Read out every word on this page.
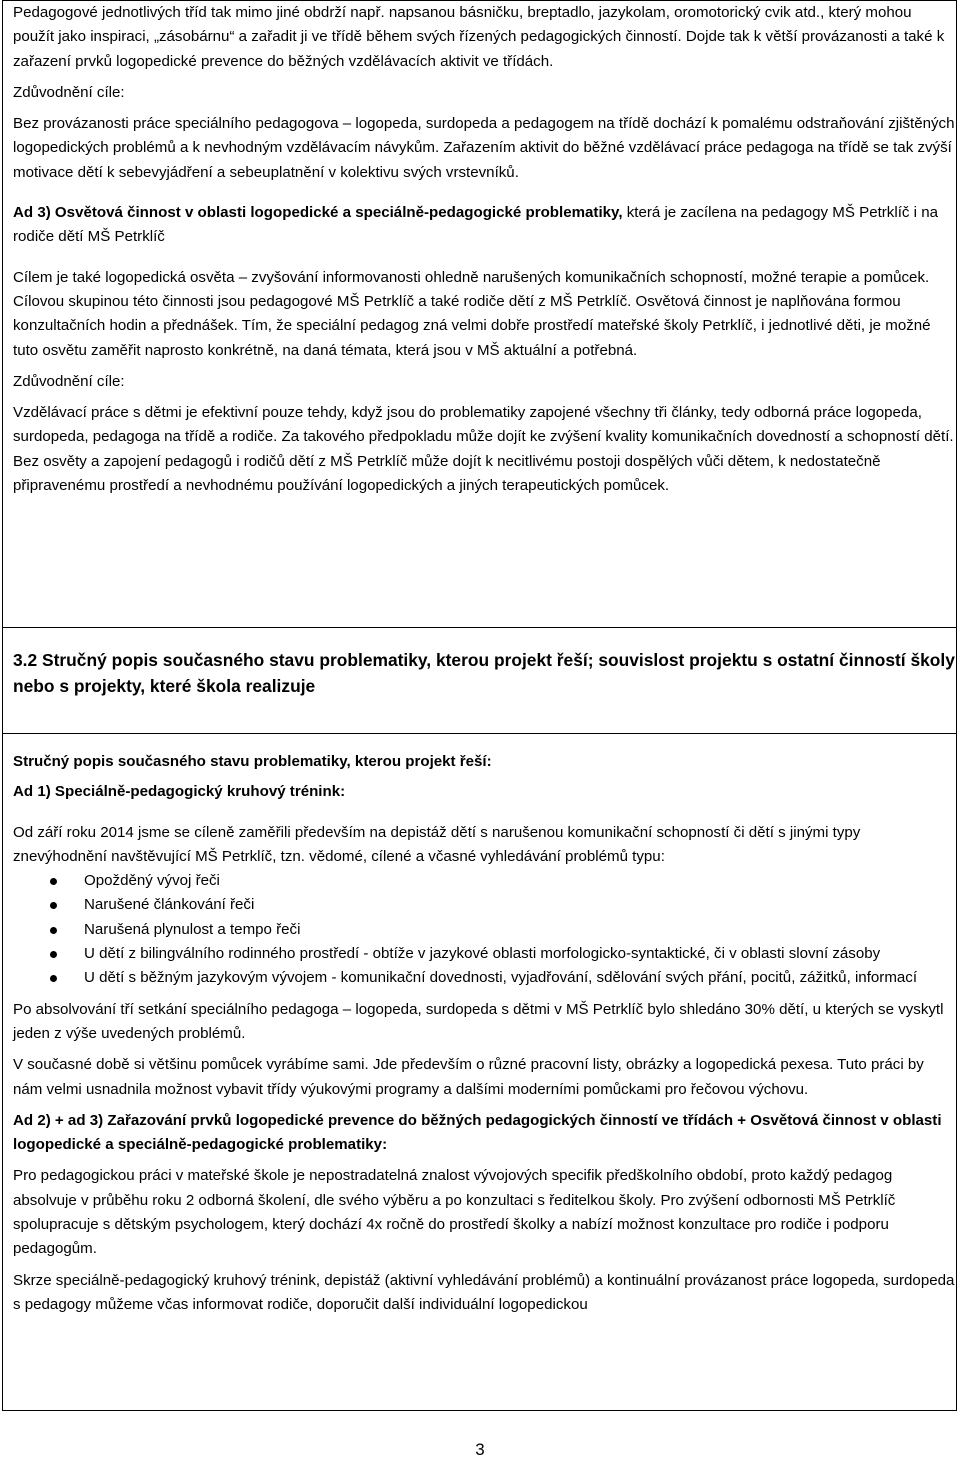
Pedagogové jednotlivých tříd tak mimo jiné obdrží např. napsanou básničku, breptadlo, jazykolam, oromotorický cvik atd., který mohou použít jako inspiraci, „zásobárnu“ a zařadit ji ve třídě během svých řízených pedagogických činností. Dojde tak k větší provázanosti a také k zařazení prvků logopedické prevence do běžných vzdělávacích aktivit ve třídách.

Zdůvodnění cíle:

Bez provázanosti práce speciálního pedagogova – logopeda, surdopeda a pedagogem na třídě dochází k pomalému odstraňování zjištěných logopedických problémů a k nevhodným vzdělávacím návykům. Zařazením aktivit do běžné vzdělávací práce pedagoga na třídě se tak zvýší motivace dětí k sebevyjádření a sebeuplatnění v kolektivu svých vrstevníků.

Ad 3) Osvětová činnost v oblasti logopedické a speciálně-pedagogické problematiky, která je zacílena na pedagogy MŠ Petrklíč i na rodiče dětí MŠ Petrklíč

Cílem je také logopedická osvěta – zvyšování informovanosti ohledně narušených komunikačních schopností, možné terapie a pomůcek. Cílovou skupinou této činnosti jsou pedagogové MŠ Petrklíč a také rodiče dětí z MŠ Petrklíč. Osvětová činnost je naplňována formou konzultačních hodin a přednášek. Tím, že speciální pedagog zná velmi dobře prostředí mateřské školy Petrklíč, i jednotlivé děti, je možné tuto osvětu zaměřit naprosto konkrétně, na daná témata, která jsou v MŠ aktuální a potřebná.

Zdůvodnění cíle:

Vzdělávací práce s dětmi je efektivní pouze tehdy, když jsou do problematiky zapojené všechny tři články, tedy odborná práce logopeda, surdopeda, pedagoga na třídě a rodiče. Za takového předpokladu může dojít ke zvýšení kvality komunikačních dovedností a schopností dětí. Bez osvěty a zapojení pedagogů i rodičů dětí z MŠ Petrklíč může dojít k necitlivému postoji dospělých vůči dětem, k nedostatečně připravenému prostředí a nevhodnému používání logopedických a jiných terapeutických pomůcek.

3.2 Stručný popis současného stavu problematiky, kterou projekt řeší; souvislost projektu s ostatní činností školy nebo s projekty, které škola realizuje

Stručný popis současného stavu problematiky, kterou projekt řeší:

Ad 1) Speciálně-pedagogický kruhový trénink:

Od září roku 2014 jsme se cíleně zaměřili především na depistáž dětí s narušenou komunikační schopností či dětí s jinými typy znevýhodnění navštěvující MŠ Petrklíč, tzn. vědomé, cílené a včasné vyhledávání problémů typu:

Opožděný vývoj řeči
Narušené článkování řeči
Narušená plynulost a tempo řeči
U dětí z bilingválního rodinného prostředí - obtíže v jazykové oblasti morfologicko-syntaktické, či v oblasti slovní zásoby
U dětí s běžným jazykovým vývojem - komunikační dovednosti, vyjadřování, sdělování svých přání, pocitů, zážitků, informací

Po absolvování tří setkání speciálního pedagoga – logopeda, surdopeda s dětmi v MŠ Petrklíč bylo shledáno 30% dětí, u kterých se vyskytl jeden z výše uvedených problémů.

V současné době si většinu pomůcek vyrábíme sami. Jde především o různé pracovní listy, obrázky a logopedická pexesa. Tuto práci by nám velmi usnadnila možnost vybavit třídy výukovými programy a dalšími moderními pomůckami pro řečovou výchovu.

Ad 2) + ad 3) Zařazování prvků logopedické prevence do běžných pedagogických činností ve třídách + Osvětová činnost v oblasti logopedické a speciálně-pedagogické problematiky:

Pro pedagogickou práci v mateřské škole je nepostradatelná znalost vývojových specifik předškolního období, proto každý pedagog absolvuje v průběhu roku 2 odborná školení, dle svého výběru a po konzultaci s ředitelkou školy. Pro zvýšení odbornosti MŠ Petrklíč spolupracuje s dětským psychologem, který dochází 4x ročně do prostředí školky a nabízí možnost konzultace pro rodiče i podporu pedagogům.

Skrze speciálně-pedagogický kruhový trénink, depistáž (aktivní vyhledávání problémů) a kontinuální provázanost práce logopeda, surdopeda s pedagogy můžeme včas informovat rodiče, doporučit další individuální logopedickou

3
